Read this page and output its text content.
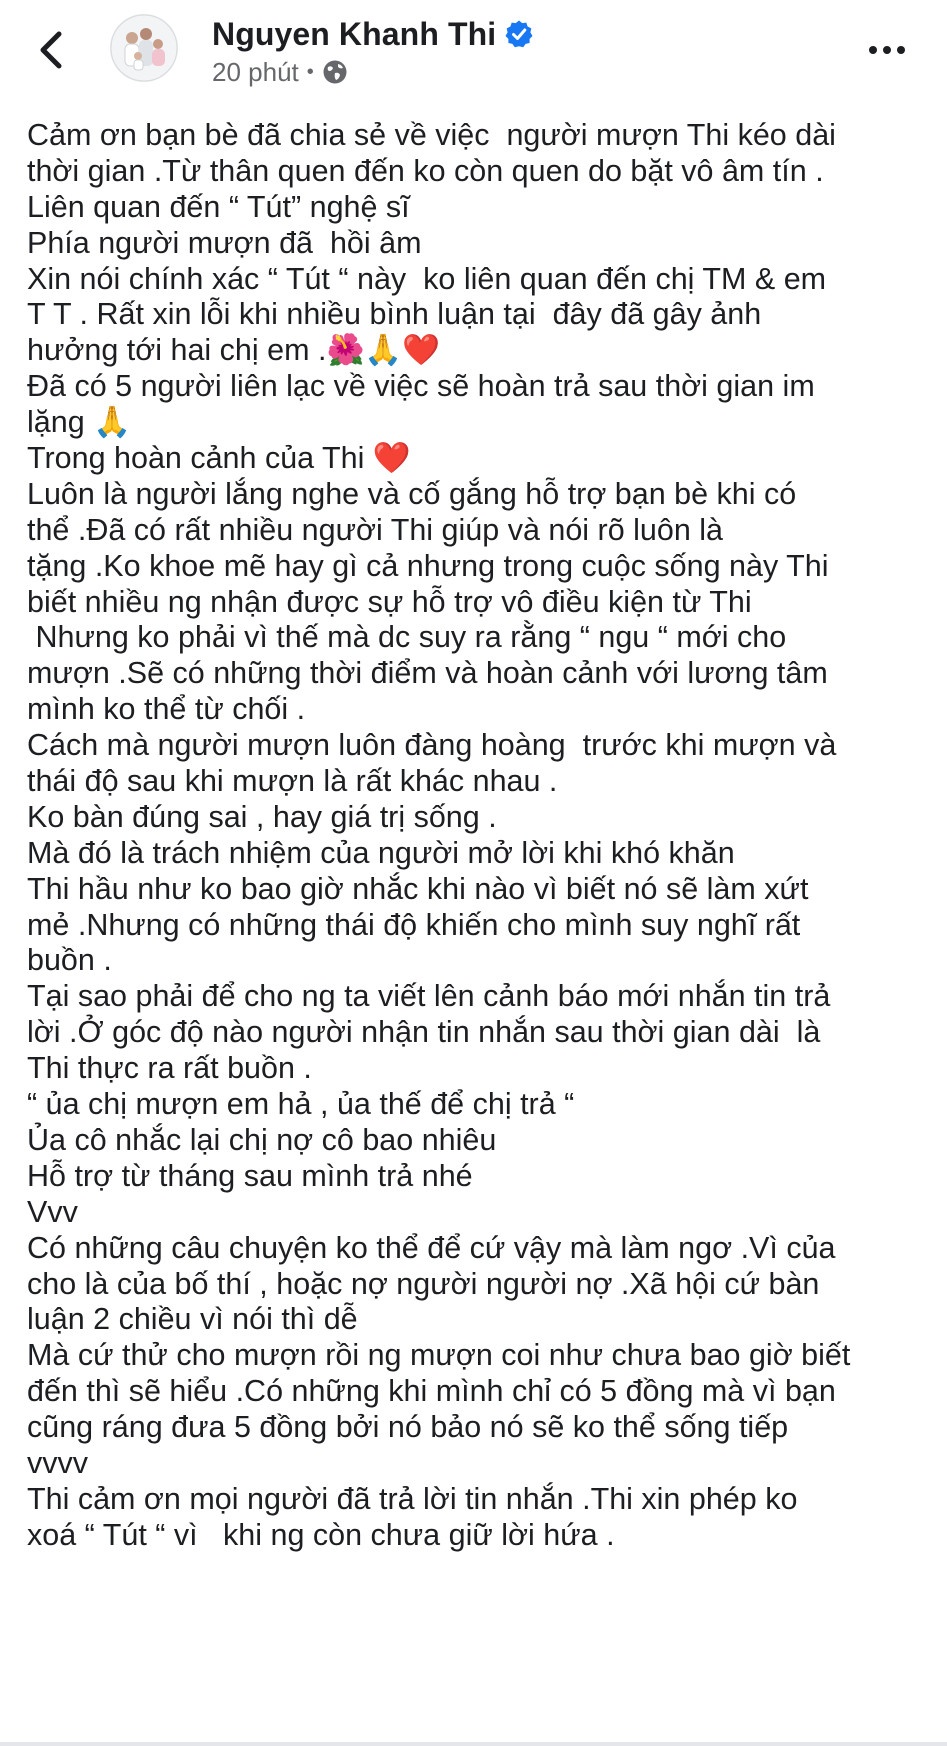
Nguyen Khanh Thi
20 phút •
Cảm ơn bạn bè đã chia sẻ về việc  người mượn Thi kéo dài
thời gian .Từ thân quen đến ko còn quen do bặt vô âm tín .
Liên quan đến “ Tút” nghệ sĩ
Phía người mượn đã  hồi âm
Xin nói chính xác “ Tút “ này  ko liên quan đến chị TM & em
T T . Rất xin lỗi khi nhiều bình luận tại  đây đã gây ảnh
hưởng tới hai chị em .🌺🙏❤️
Đã có 5 người liên lạc về việc sẽ hoàn trả sau thời gian im
lặng 🙏
Trong hoàn cảnh của Thi ❤️
Luôn là người lắng nghe và cố gắng hỗ trợ bạn bè khi có
thể .Đã có rất nhiều người Thi giúp và nói rõ luôn là
tặng .Ko khoe mẽ hay gì cả nhưng trong cuộc sống này Thi
biết nhiều ng nhận được sự hỗ trợ vô điều kiện từ Thi
Nhưng ko phải vì thế mà dc suy ra rằng “ ngu “ mới cho
mượn .Sẽ có những thời điểm và hoàn cảnh với lương tâm
mình ko thể từ chối .
Cách mà người mượn luôn đàng hoàng  trước khi mượn và
thái độ sau khi mượn là rất khác nhau .
Ko bàn đúng sai , hay giá trị sống .
Mà đó là trách nhiệm của người mở lời khi khó khăn
Thi hầu như ko bao giờ nhắc khi nào vì biết nó sẽ làm xứt
mẻ .Nhưng có những thái độ khiến cho mình suy nghĩ rất
buồn .
Tại sao phải để cho ng ta viết lên cảnh báo mới nhắn tin trả
lời .Ở góc độ nào người nhận tin nhắn sau thời gian dài  là
Thi thực ra rất buồn .
“ ủa chị mượn em hả , ủa thế để chị trả “
Ủa cô nhắc lại chị nợ cô bao nhiêu
Hỗ trợ từ tháng sau mình trả nhé
Vvv
Có những câu chuyện ko thể để cứ vậy mà làm ngơ .Vì của
cho là của bố thí , hoặc nợ người người nợ .Xã hội cứ bàn
luận 2 chiều vì nói thì dễ
Mà cứ thử cho mượn rồi ng mượn coi như chưa bao giờ biết
đến thì sẽ hiểu .Có những khi mình chỉ có 5 đồng mà vì bạn
cũng ráng đưa 5 đồng bởi nó bảo nó sẽ ko thể sống tiếp
vvvv
Thi cảm ơn mọi người đã trả lời tin nhắn .Thi xin phép ko
xoá “ Tút “ vì   khi ng còn chưa giữ lời hứa .
